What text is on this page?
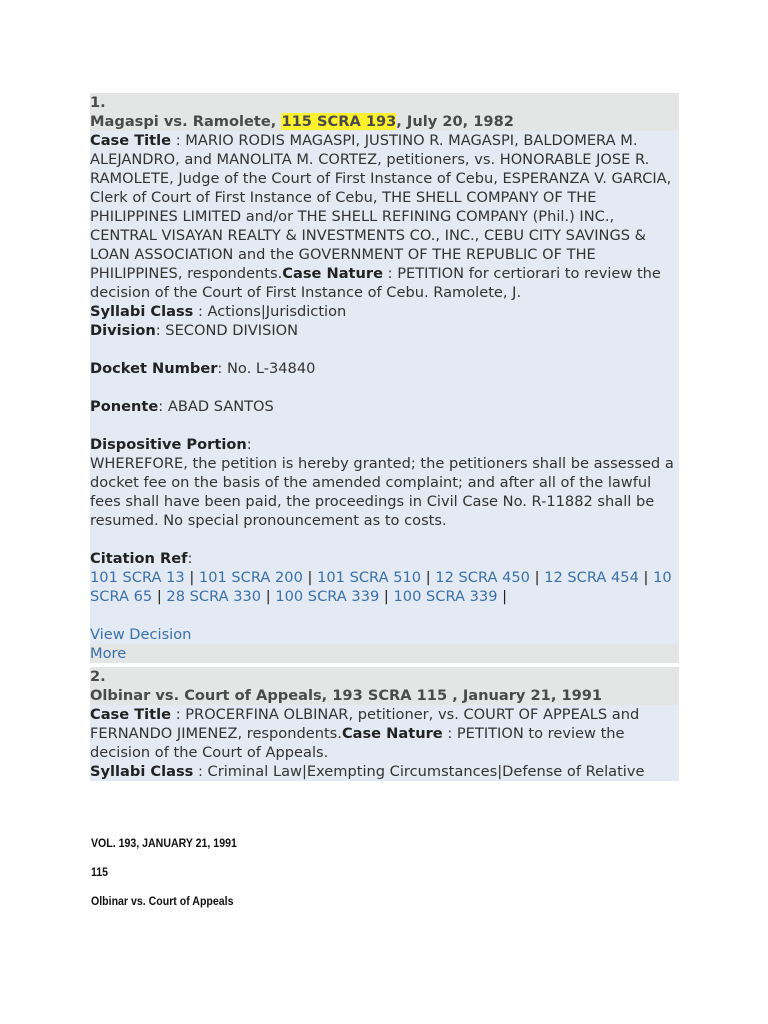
1.
Magaspi vs. Ramolete, 115 SCRA 193, July 20, 1982
Case Title : MARIO RODIS MAGASPI, JUSTINO R. MAGASPI, BALDOMERA M. ALEJANDRO, and MANOLITA M. CORTEZ, petitioners, vs. HONORABLE JOSE R. RAMOLETE, Judge of the Court of First Instance of Cebu, ESPERANZA V. GARCIA, Clerk of Court of First Instance of Cebu, THE SHELL COMPANY OF THE PHILIPPINES LIMITED and/or THE SHELL REFINING COMPANY (Phil.) INC., CENTRAL VISAYAN REALTY & INVESTMENTS CO., INC., CEBU CITY SAVINGS & LOAN ASSOCIATION and the GOVERNMENT OF THE REPUBLIC OF THE PHILIPPINES, respondents.Case Nature : PETITION for certiorari to review the decision of the Court of First Instance of Cebu. Ramolete, J.
Syllabi Class : Actions|Jurisdiction
Division: SECOND DIVISION
Docket Number: No. L-34840
Ponente: ABAD SANTOS
Dispositive Portion:
WHEREFORE, the petition is hereby granted; the petitioners shall be assessed a docket fee on the basis of the amended complaint; and after all of the lawful fees shall have been paid, the proceedings in Civil Case No. R-11882 shall be resumed. No special pronouncement as to costs.
Citation Ref:
101 SCRA 13 | 101 SCRA 200 | 101 SCRA 510 | 12 SCRA 450 | 12 SCRA 454 | 10 SCRA 65 | 28 SCRA 330 | 100 SCRA 339 | 100 SCRA 339 |
View Decision
More
2.
Olbinar vs. Court of Appeals, 193 SCRA 115 , January 21, 1991
Case Title : PROCERFINA OLBINAR, petitioner, vs. COURT OF APPEALS and FERNANDO JIMENEZ, respondents.Case Nature : PETITION to review the decision of the Court of Appeals.
Syllabi Class : Criminal Law|Exempting Circumstances|Defense of Relative
VOL. 193, JANUARY 21, 1991
115
Olbinar vs. Court of Appeals
